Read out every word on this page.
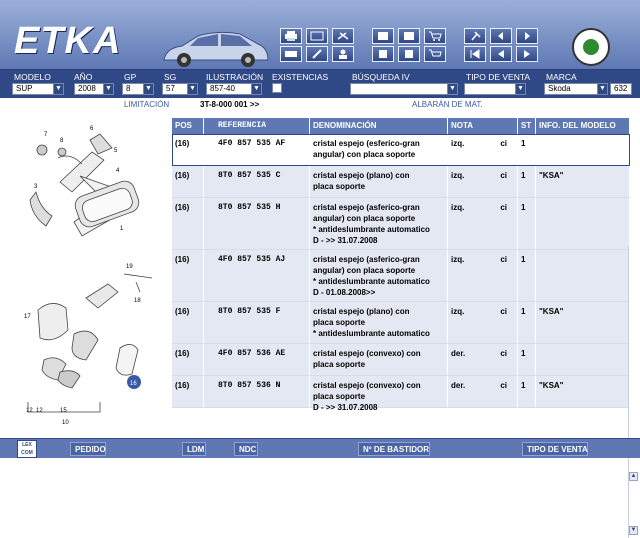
ETKA
MODELO
SUP	▼
AÑO
2008 ▼
GP
8 ▼
SG
57 ▼
ILUSTRACIÓN
857-40	▼
EXISTENCIAS	BÚSQUEDA IV
▼
TIPO DE VENTA
▼
MARCA
Skoda	▼	632
LIMITACIÓN	3T-8-000 001 >>	ALBARÁN DE MAT.
7
8
6
5
4
3
1
19
18
17
12 12	15
10
16
POS	REFERENCIA	DENOMINACIÓN	NOTA	ST INFO. DEL MODELO
(16)	4F0 857 535 AF	cristal espejo (esferico-gran
angular) con placa soporte
izq.	ci	1
(16)	8T0 857 535 C	cristal espejo (plano) con
placa soporte
izq.	ci	1	"KSA"
(16)	8T0 857 535 H	cristal espejo (asferico-gran
angular) con placa soporte
* antideslumbrante automatico
D - >> 31.07.2008
izq.	ci	1
(16)	4F0 857 535 AJ	cristal espejo (asferico-gran
angular) con placa soporte
* antideslumbrante automatico
D - 01.08.2008>>
izq.	ci	1
(16)	8T0 857 535 F	cristal espejo (plano) con
placa soporte
* antideslumbrante automatico
izq.	ci	1	"KSA"
(16)	4F0 857 536 AE	cristal espejo (convexo) con
placa soporte
der.	ci	1
(16)	8T0 857 536 N	cristal espejo (convexo) con
placa soporte
D - >> 31.07.2008
der.	ci	1	"KSA"
▲
▼
LEX
COM	PEDIDO	LDM	NDC	Nº DE BASTIDOR	TIPO DE VENTA
